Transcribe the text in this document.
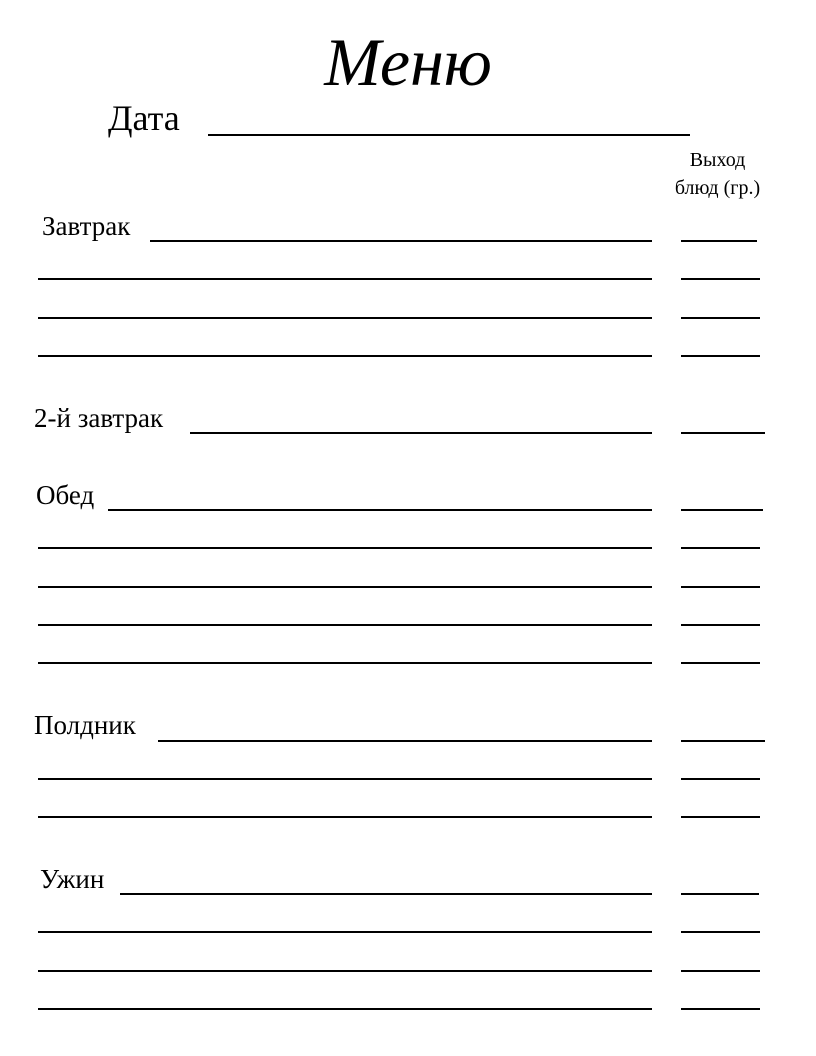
Меню
Дата
Выход
блюд (гр.)
Завтрак
2-й завтрак
Обед
Полдник
Ужин
